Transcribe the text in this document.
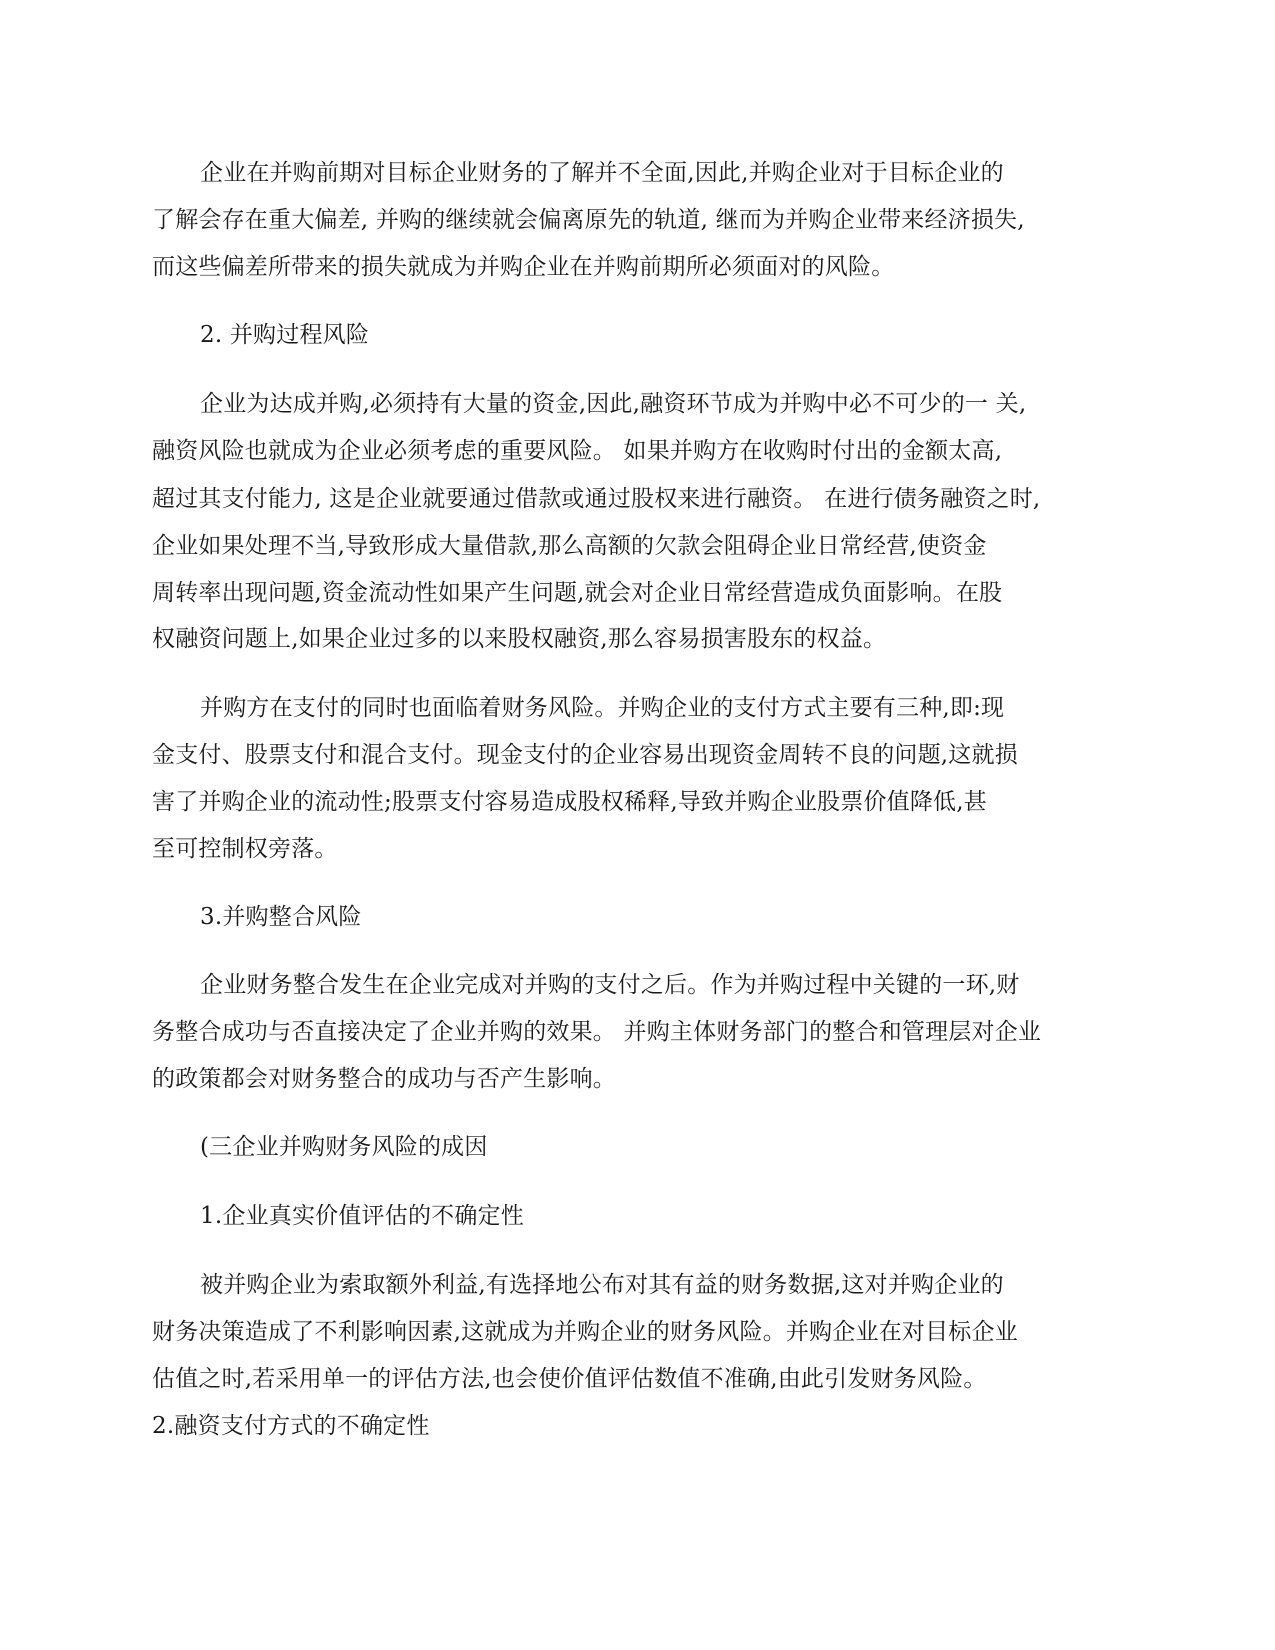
企业在并购前期对目标企业财务的了解并不全面,因此,并购企业对于目标企业的

了解会存在重大偏差, 并购的继续就会偏离原先的轨道, 继而为并购企业带来经济损失,

而这些偏差所带来的损失就成为并购企业在并购前期所必须面对的风险。

2. 并购过程风险

企业为达成并购,必须持有大量的资金,因此,融资环节成为并购中必不可少的一 关,

融资风险也就成为企业必须考虑的重要风险。 如果并购方在收购时付出的金额太高,

超过其支付能力, 这是企业就要通过借款或通过股权来进行融资。 在进行债务融资之时,

企业如果处理不当,导致形成大量借款,那么高额的欠款会阻碍企业日常经营,使资金

周转率出现问题,资金流动性如果产生问题,就会对企业日常经营造成负面影响。在股

权融资问题上,如果企业过多的以来股权融资,那么容易损害股东的权益。

并购方在支付的同时也面临着财务风险。并购企业的支付方式主要有三种,即:现

金支付、股票支付和混合支付。现金支付的企业容易出现资金周转不良的问题,这就损

害了并购企业的流动性;股票支付容易造成股权稀释,导致并购企业股票价值降低,甚

至可控制权旁落。

3.并购整合风险

企业财务整合发生在企业完成对并购的支付之后。作为并购过程中关键的一环,财

务整合成功与否直接决定了企业并购的效果。 并购主体财务部门的整合和管理层对企业

的政策都会对财务整合的成功与否产生影响。

(三企业并购财务风险的成因

1.企业真实价值评估的不确定性

被并购企业为索取额外利益,有选择地公布对其有益的财务数据,这对并购企业的

财务决策造成了不利影响因素,这就成为并购企业的财务风险。并购企业在对目标企业

估值之时,若采用单一的评估方法,也会使价值评估数值不准确,由此引发财务风险。

2.融资支付方式的不确定性
